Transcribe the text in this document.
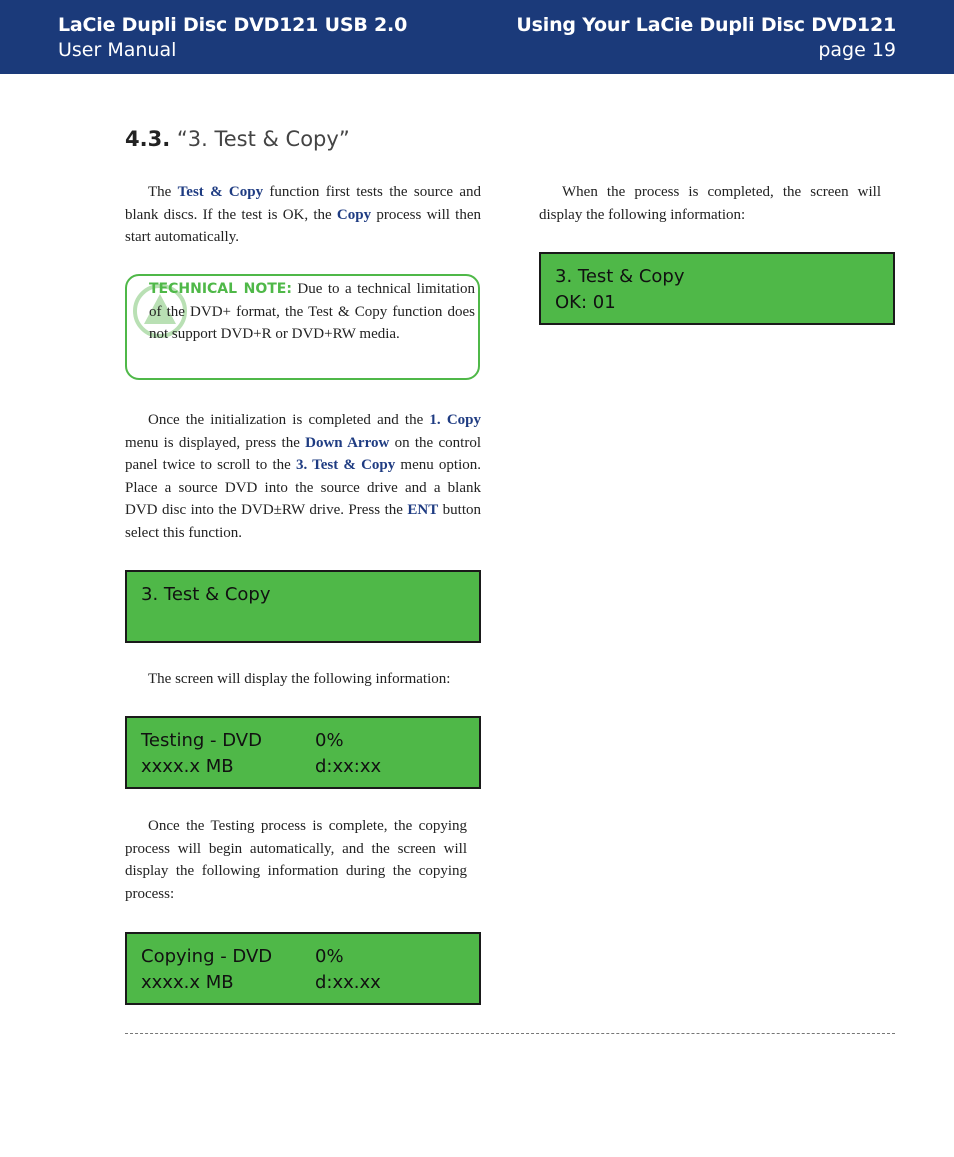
LaCie Dupli Disc DVD121 USB 2.0
User Manual
Using Your LaCie Dupli Disc DVD121
page 19
4.3. “3. Test & Copy”

The Test & Copy function first tests the source and blank discs. If the test is OK, the Copy process will then start automatically.

TECHNICAL NOTE: Due to a technical limitation of the DVD+ format, the Test & Copy function does not support DVD+R or DVD+RW media.

Once the initialization is completed and the 1. Copy menu is displayed, press the Down Arrow on the control panel twice to scroll to the 3. Test & Copy menu option. Place a source DVD into the source drive and a blank DVD disc into the DVD±RW drive. Press the ENT button select this function.

3. Test & Copy

The screen will display the following information:

Testing - DVD	0%
xxxx.x MB	d:xx:xx

Once the Testing process is complete, the copying process will begin automatically, and the screen will display the following information during the copying process:

Copying - DVD 0%
xxxx.x MB	d:xx.xx

When the process is completed, the screen will display the following information:

3. Test & Copy
OK: 01
